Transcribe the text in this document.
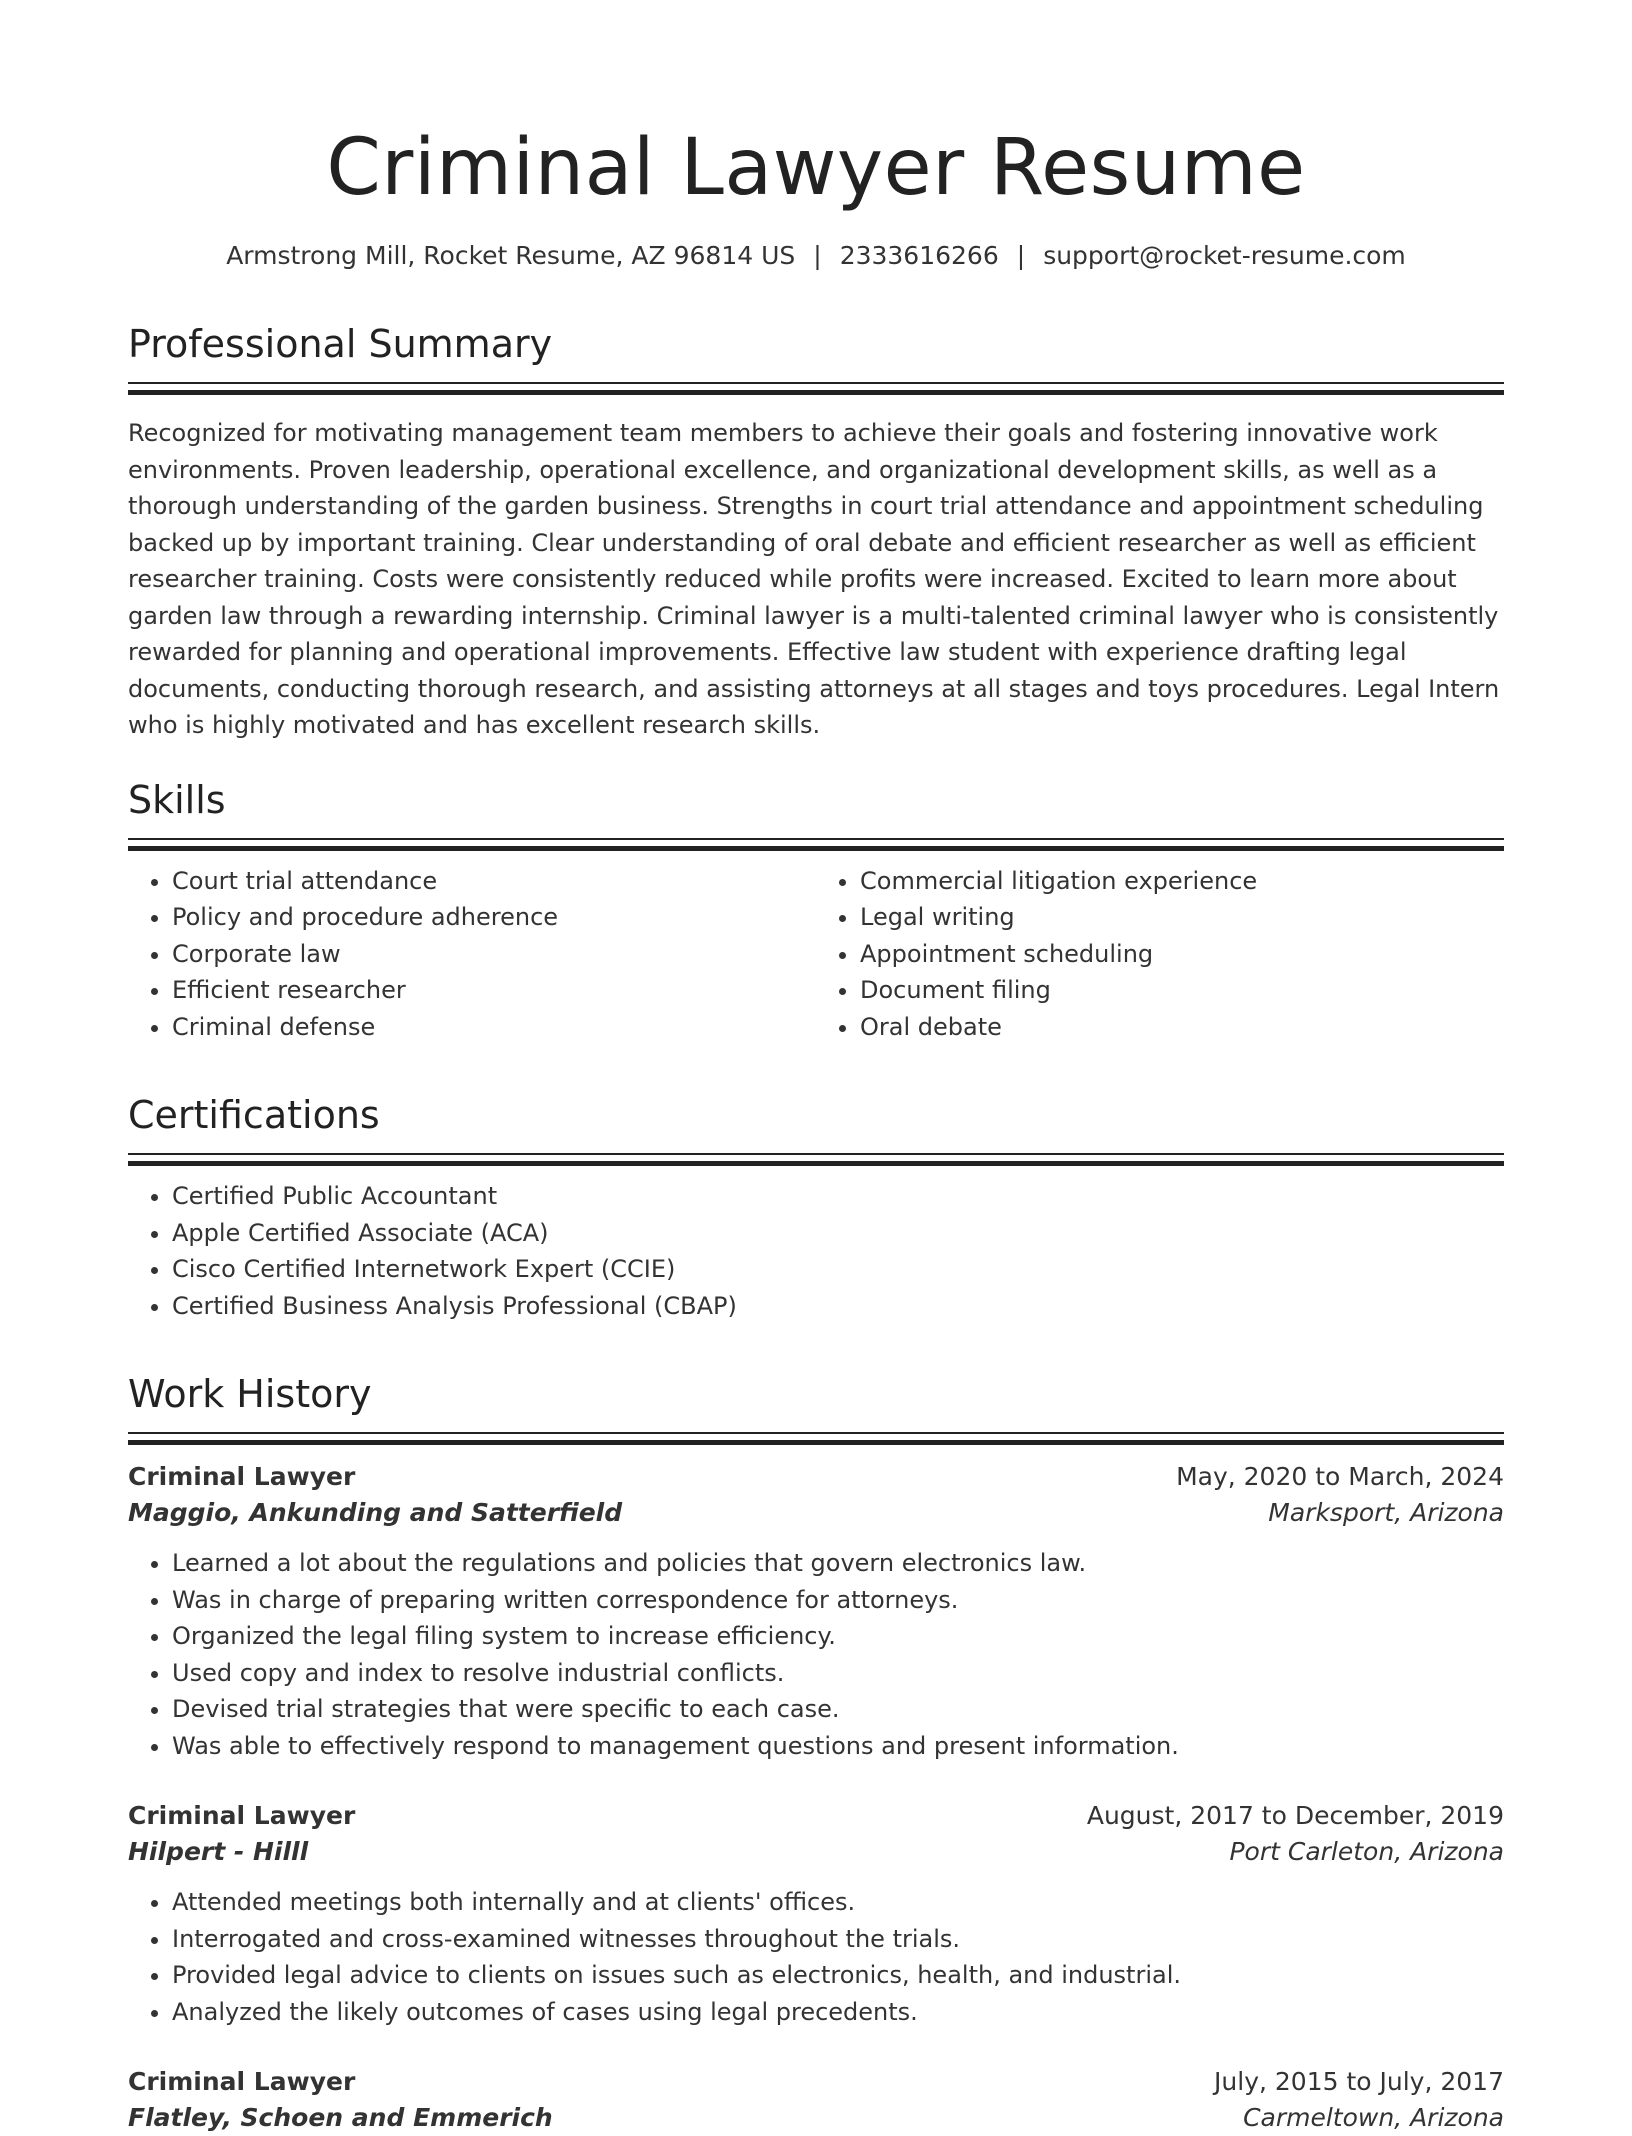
Criminal Lawyer Resume
Armstrong Mill, Rocket Resume, AZ 96814 US | 2333616266 | support@rocket-resume.com
Professional Summary

Recognized for motivating management team members to achieve their goals and fostering innovative work environments. Proven leadership, operational excellence, and organizational development skills, as well as a thorough understanding of the garden business. Strengths in court trial attendance and appointment scheduling backed up by important training. Clear understanding of oral debate and efficient researcher as well as efficient researcher training. Costs were consistently reduced while profits were increased. Excited to learn more about garden law through a rewarding internship. Criminal lawyer is a multi-talented criminal lawyer who is consistently rewarded for planning and operational improvements. Effective law student with experience drafting legal documents, conducting thorough research, and assisting attorneys at all stages and toys procedures. Legal Intern who is highly motivated and has excellent research skills.

Skills
• Court trial attendance
• Policy and procedure adherence
• Corporate law
• Efficient researcher
• Criminal defense
• Commercial litigation experience
• Legal writing
• Appointment scheduling
• Document filing
• Oral debate
Certifications
• Certified Public Accountant
• Apple Certified Associate (ACA)
• Cisco Certified Internetwork Expert (CCIE)
• Certified Business Analysis Professional (CBAP)
Work History
Criminal Lawyer	May, 2020 to March, 2024
Maggio, Ankunding and Satterfield	Marksport, Arizona
• Learned a lot about the regulations and policies that govern electronics law.
• Was in charge of preparing written correspondence for attorneys.
• Organized the legal filing system to increase efficiency.
• Used copy and index to resolve industrial conflicts.
• Devised trial strategies that were specific to each case.
• Was able to effectively respond to management questions and present information.
Criminal Lawyer	August, 2017 to December, 2019
Hilpert - Hilll	Port Carleton, Arizona
• Attended meetings both internally and at clients' offices.
• Interrogated and cross-examined witnesses throughout the trials.
• Provided legal advice to clients on issues such as electronics, health, and industrial.
• Analyzed the likely outcomes of cases using legal precedents.
Criminal Lawyer	July, 2015 to July, 2017
Flatley, Schoen and Emmerich	Carmeltown, Arizona
